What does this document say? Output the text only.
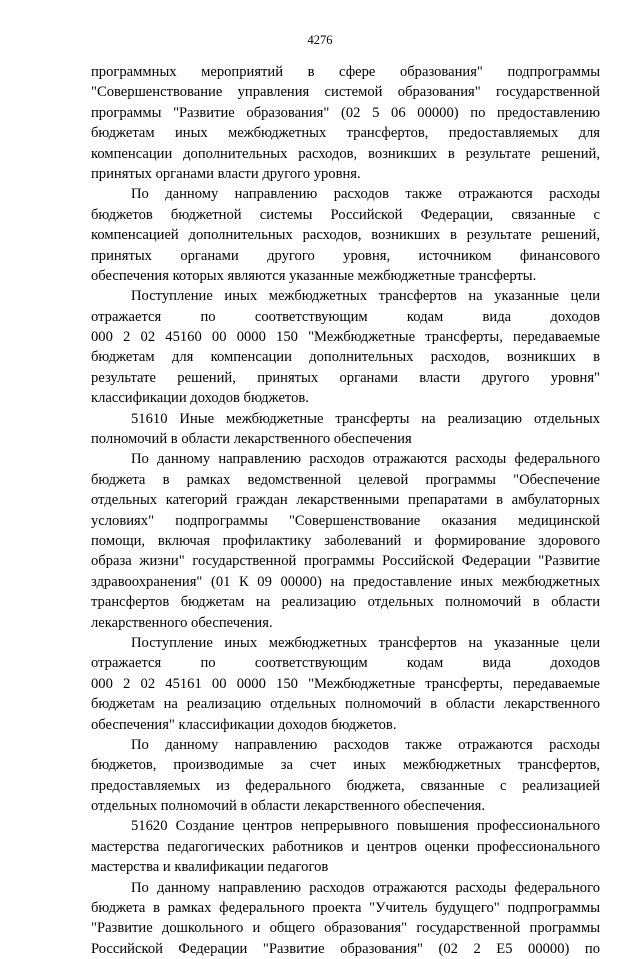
4276
программных мероприятий в сфере образования" подпрограммы
"Совершенствование управления системой образования" государственной
программы "Развитие образования" (02 5 06 00000) по предоставлению
бюджетам иных межбюджетных трансфертов, предоставляемых для
компенсации дополнительных расходов, возникших в результате решений,
принятых органами власти другого уровня.
По данному направлению расходов также отражаются расходы
бюджетов бюджетной системы Российской Федерации, связанные с
компенсацией дополнительных расходов, возникших в результате решений,
принятых органами другого уровня, источником финансового
обеспечения которых являются указанные межбюджетные трансферты.
Поступление иных межбюджетных трансфертов на указанные цели
отражается по соответствующим кодам вида доходов
000 2 02 45160 00 0000 150 "Межбюджетные трансферты, передаваемые
бюджетам для компенсации дополнительных расходов, возникших в
результате решений, принятых органами власти другого уровня"
классификации доходов бюджетов.
51610 Иные межбюджетные трансферты на реализацию отдельных
полномочий в области лекарственного обеспечения
По данному направлению расходов отражаются расходы федерального
бюджета в рамках ведомственной целевой программы "Обеспечение
отдельных категорий граждан лекарственными препаратами в амбулаторных
условиях" подпрограммы "Совершенствование оказания медицинской
помощи, включая профилактику заболеваний и формирование здорового
образа жизни" государственной программы Российской Федерации "Развитие
здравоохранения" (01 К 09 00000) на предоставление иных межбюджетных
трансфертов бюджетам на реализацию отдельных полномочий в области
лекарственного обеспечения.
Поступление иных межбюджетных трансфертов на указанные цели
отражается по соответствующим кодам вида доходов
000 2 02 45161 00 0000 150 "Межбюджетные трансферты, передаваемые
бюджетам на реализацию отдельных полномочий в области лекарственного
обеспечения" классификации доходов бюджетов.
По данному направлению расходов также отражаются расходы
бюджетов, производимые за счет иных межбюджетных трансфертов,
предоставляемых из федерального бюджета, связанные с реализацией
отдельных полномочий в области лекарственного обеспечения.
51620 Создание центров непрерывного повышения профессионального
мастерства педагогических работников и центров оценки профессионального
мастерства и квалификации педагогов
По данному направлению расходов отражаются расходы федерального
бюджета в рамках федерального проекта "Учитель будущего" подпрограммы
"Развитие дошкольного и общего образования" государственной программы
Российской Федерации "Развитие образования" (02 2 Е5 00000) по
